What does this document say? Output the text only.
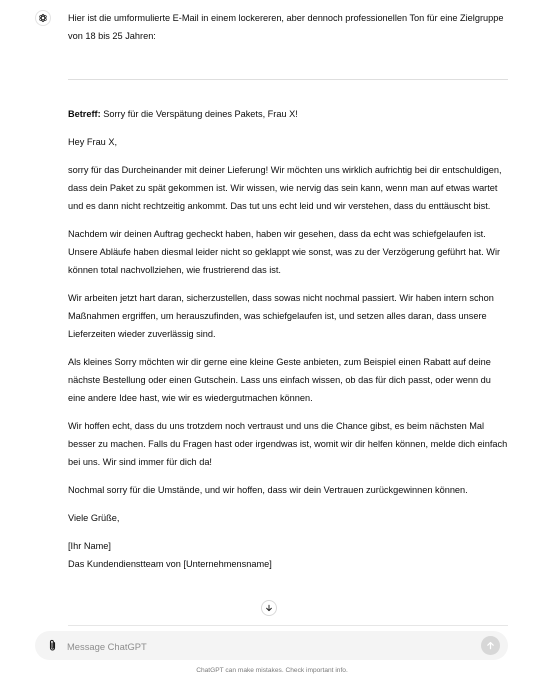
Hier ist die umformulierte E-Mail in einem lockereren, aber dennoch professionellen Ton für eine Zielgruppe von 18 bis 25 Jahren:

Betreff: Sorry für die Verspätung deines Pakets, Frau X!

Hey Frau X,

sorry für das Durcheinander mit deiner Lieferung! Wir möchten uns wirklich aufrichtig bei dir entschuldigen, dass dein Paket zu spät gekommen ist. Wir wissen, wie nervig das sein kann, wenn man auf etwas wartet und es dann nicht rechtzeitig ankommt. Das tut uns echt leid und wir verstehen, dass du enttäuscht bist.

Nachdem wir deinen Auftrag gecheckt haben, haben wir gesehen, dass da echt was schiefgelaufen ist. Unsere Abläufe haben diesmal leider nicht so geklappt wie sonst, was zu der Verzögerung geführt hat. Wir können total nachvollziehen, wie frustrierend das ist.

Wir arbeiten jetzt hart daran, sicherzustellen, dass sowas nicht nochmal passiert. Wir haben intern schon Maßnahmen ergriffen, um herauszufinden, was schiefgelaufen ist, und setzen alles daran, dass unsere Lieferzeiten wieder zuverlässig sind.

Als kleines Sorry möchten wir dir gerne eine kleine Geste anbieten, zum Beispiel einen Rabatt auf deine nächste Bestellung oder einen Gutschein. Lass uns einfach wissen, ob das für dich passt, oder wenn du eine andere Idee hast, wie wir es wiedergutmachen können.

Wir hoffen echt, dass du uns trotzdem noch vertraust und uns die Chance gibst, es beim nächsten Mal besser zu machen. Falls du Fragen hast oder irgendwas ist, womit wir dir helfen können, melde dich einfach bei uns. Wir sind immer für dich da!

Nochmal sorry für die Umstände, und wir hoffen, dass wir dein Vertrauen zurückgewinnen können.

Viele Grüße,

[Ihr Name]

Das Kundendienstteam von [Unternehmensname]

Message ChatGPT
ChatGPT can make mistakes. Check important info.
